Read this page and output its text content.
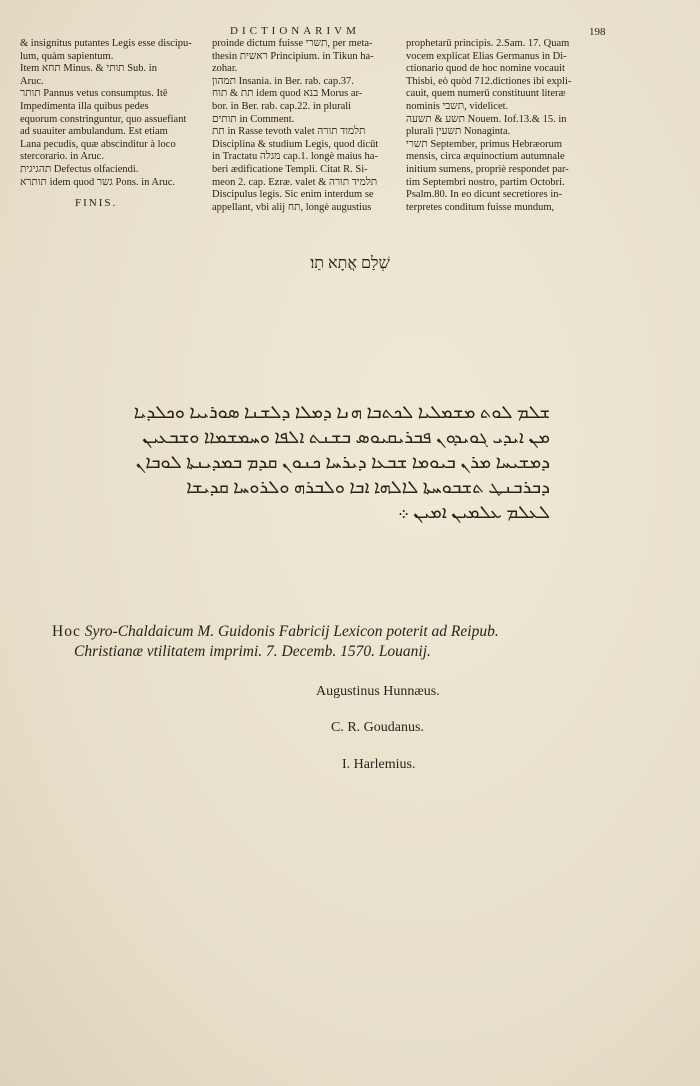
DICTIONARIVM	198
& insignitus putantes Legis esse discipu-
lum, quàm sapientum.
Item תחא Minus. & תותי Sub. in
Aruc.
תותר Pannus vetus consumptus. Itē
Impedimenta illa quibus pedes
equorum constringuntur, quo assuefiant
ad suauiter ambulandum. Est etiam
Lana pecudis, quæ abscinditur à loco
stercorario. in Aruc.
תהגיגית Defectus olfaciendi.
תותרא idem quod גשר Pons. in Aruc.
FINIS.
proinde dictum fuisse תשרי, per meta-
thesin ראשית Principium. in Tikun ha-
zohar.
תמהון Insania. in Ber. rab. cap.37.
תת & תוח idem quod בנא Morus ar-
bor. in Ber. rab. cap.22. in plurali
תותים in Comment.
תת in Rasse tevoth valet תלמוד תורה
Disciplina & studium Legis, quod dicūt
in Tractatu מגלה cap.1. longè maius ha-
beri ædificatione Templi. Citat R. Si-
meon 2. cap. Ezræ. valet & תלמיד תורה
Discipulus legis. Sic enim interdum se
appellant, vbi alij תח, longè augustius
prophetarū principis. 2.Sam. 17. Quam
vocem explicat Elias Germanus in Di-
ctionario quod de hoc nomine vocauit
Thisbi, eò quòd 712.dictiones ibi expli-
cauit, quem numerū constituunt literæ
nominis תשבי, videlicet.
תשע & תשעה Nouem. Iof.13.& 15. in
plurali תשעין Nonaginta.
תשרי September, primus Hebræorum
mensis, circa æquinoctium autumnale
initium sumens, propriè respondet par-
tim Septembri nostro, partim Octobri.
Psalm.80. In eo dicunt secretiores in-
terpretes conditum fuisse mundum,
שְׁלַם אֲתָא תַו׃
ܫܠܡ ܠܘܬ ܡܫܡܠܝܐ ܠܟܬܒܐ ܗܢܐ ܕܡܠܐ ܕܠܫܢܐ ܣܘܪܝܝܐ ܘܟܠܕܝܐ
ܡܢ ܐܝܕܝ ܓܘܝܕܘܢ ܦܒܪܝܩܝܘܣ ܒܫܢܬ ܐܠܦܐ ܘܚܡܫܡܐܐ ܘܫܒܥܝܢ
ܕܡܫܝܚܐ ܡܪܢ ܒܝܘܡܐ ܫܒܥܐ ܕܝܪܚܐ ܟܢܘܢ ܩܕܡ ܒܡܕܝܢܬܐ ܠܘܒܐܢ
ܕܒܪܒܢܛ ܬܫܒܘܚܬܐ ܠܐܠܗܐ ܐܒܐ ܘܠܒܪܗ ܘܠܪܘܚܐ ܩܕܝܫܐ
ܠܥܠܡ ܥܠܡܝܢ ܐܡܝܢ ܀
Hoc Syro-Chaldaicum M. Guidonis Fabricij Lexicon poterit ad Reipub.
Christianæ vtilitatem imprimi. 7. Decemb. 1570. Louanij.
Augustinus Hunnæus.
C. R. Goudanus.
I. Harlemius.
